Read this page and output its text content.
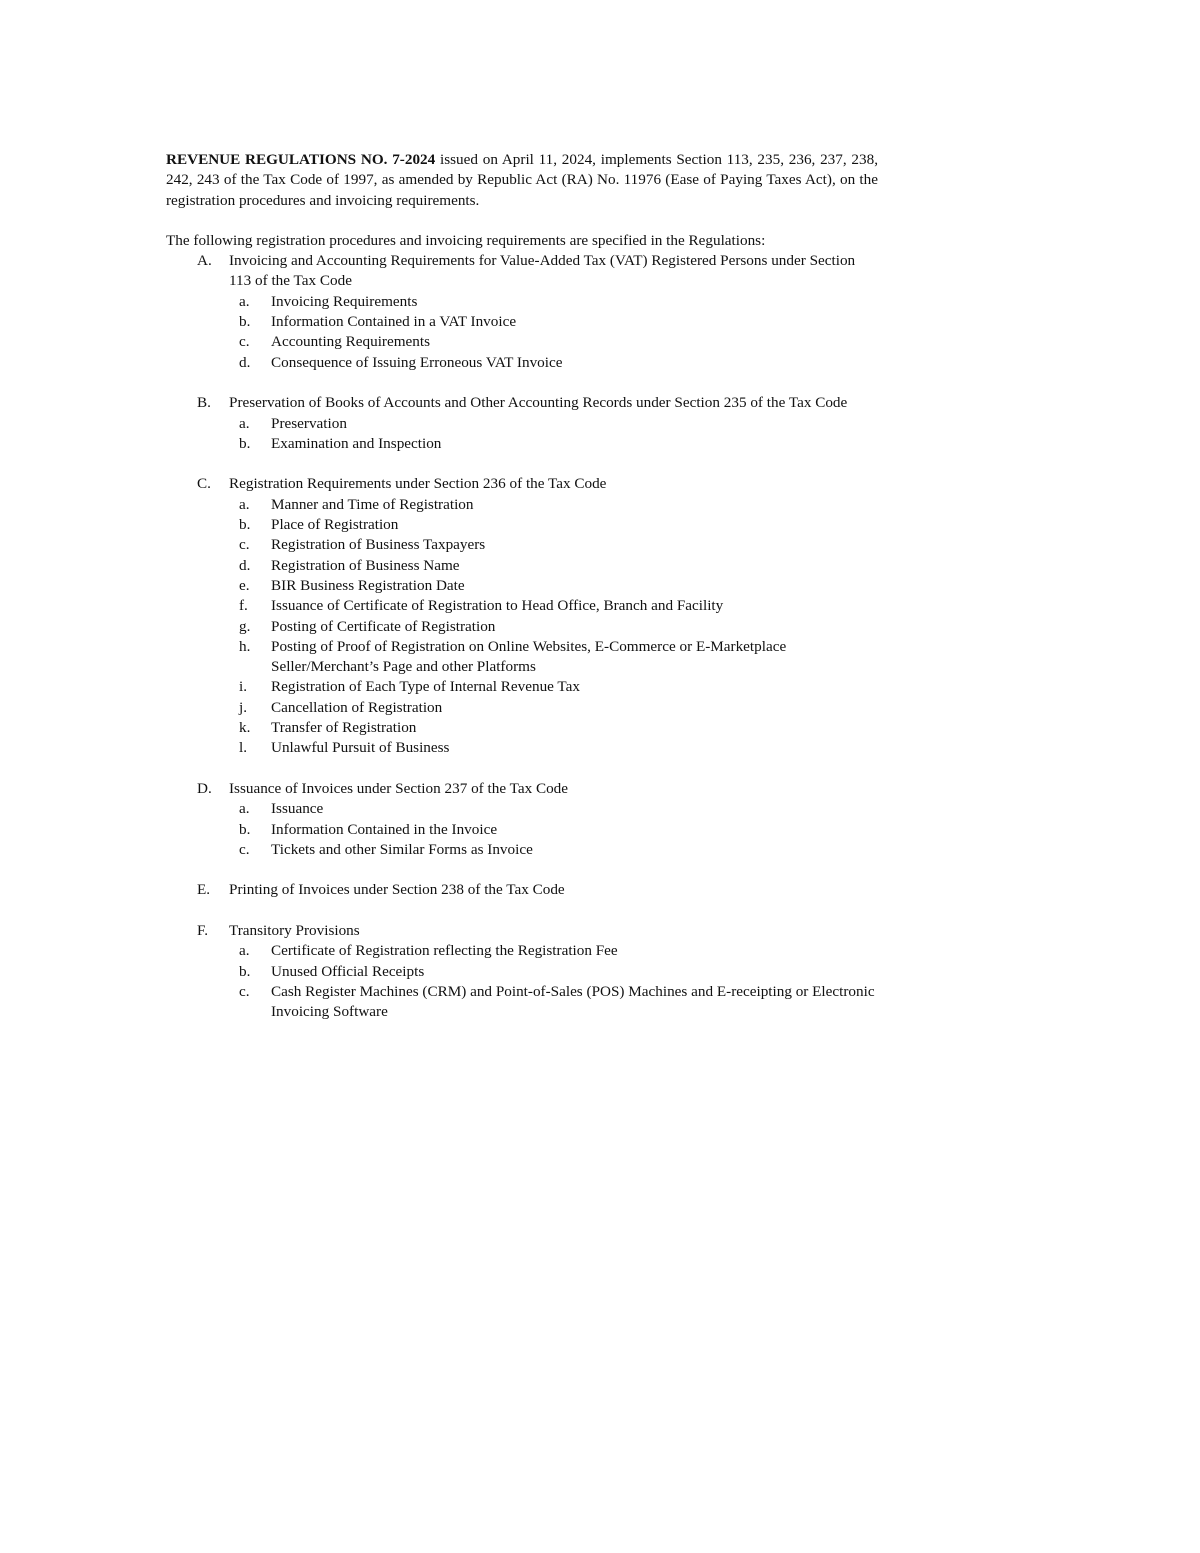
REVENUE REGULATIONS NO. 7-2024 issued on April 11, 2024, implements Section 113, 235, 236, 237, 238, 242, 243 of the Tax Code of 1997, as amended by Republic Act (RA) No. 11976 (Ease of Paying Taxes Act), on the registration procedures and invoicing requirements.

The following registration procedures and invoicing requirements are specified in the Regulations:

A. Invoicing and Accounting Requirements for Value-Added Tax (VAT) Registered Persons under Section 113 of the Tax Code
a. Invoicing Requirements
b. Information Contained in a VAT Invoice
c. Accounting Requirements
d. Consequence of Issuing Erroneous VAT Invoice
B. Preservation of Books of Accounts and Other Accounting Records under Section 235 of the Tax Code
a. Preservation
b. Examination and Inspection
C. Registration Requirements under Section 236 of the Tax Code
a. Manner and Time of Registration
b. Place of Registration
c. Registration of Business Taxpayers
d. Registration of Business Name
e. BIR Business Registration Date
f. Issuance of Certificate of Registration to Head Office, Branch and Facility
g. Posting of Certificate of Registration
h. Posting of Proof of Registration on Online Websites, E-Commerce or E-Marketplace Seller/Merchant’s Page and other Platforms
i. Registration of Each Type of Internal Revenue Tax
j. Cancellation of Registration
k. Transfer of Registration
l. Unlawful Pursuit of Business
D. Issuance of Invoices under Section 237 of the Tax Code
a. Issuance
b. Information Contained in the Invoice
c. Tickets and other Similar Forms as Invoice
E. Printing of Invoices under Section 238 of the Tax Code
F. Transitory Provisions
a. Certificate of Registration reflecting the Registration Fee
b. Unused Official Receipts
c. Cash Register Machines (CRM) and Point-of-Sales (POS) Machines and E-receipting or Electronic Invoicing Software
